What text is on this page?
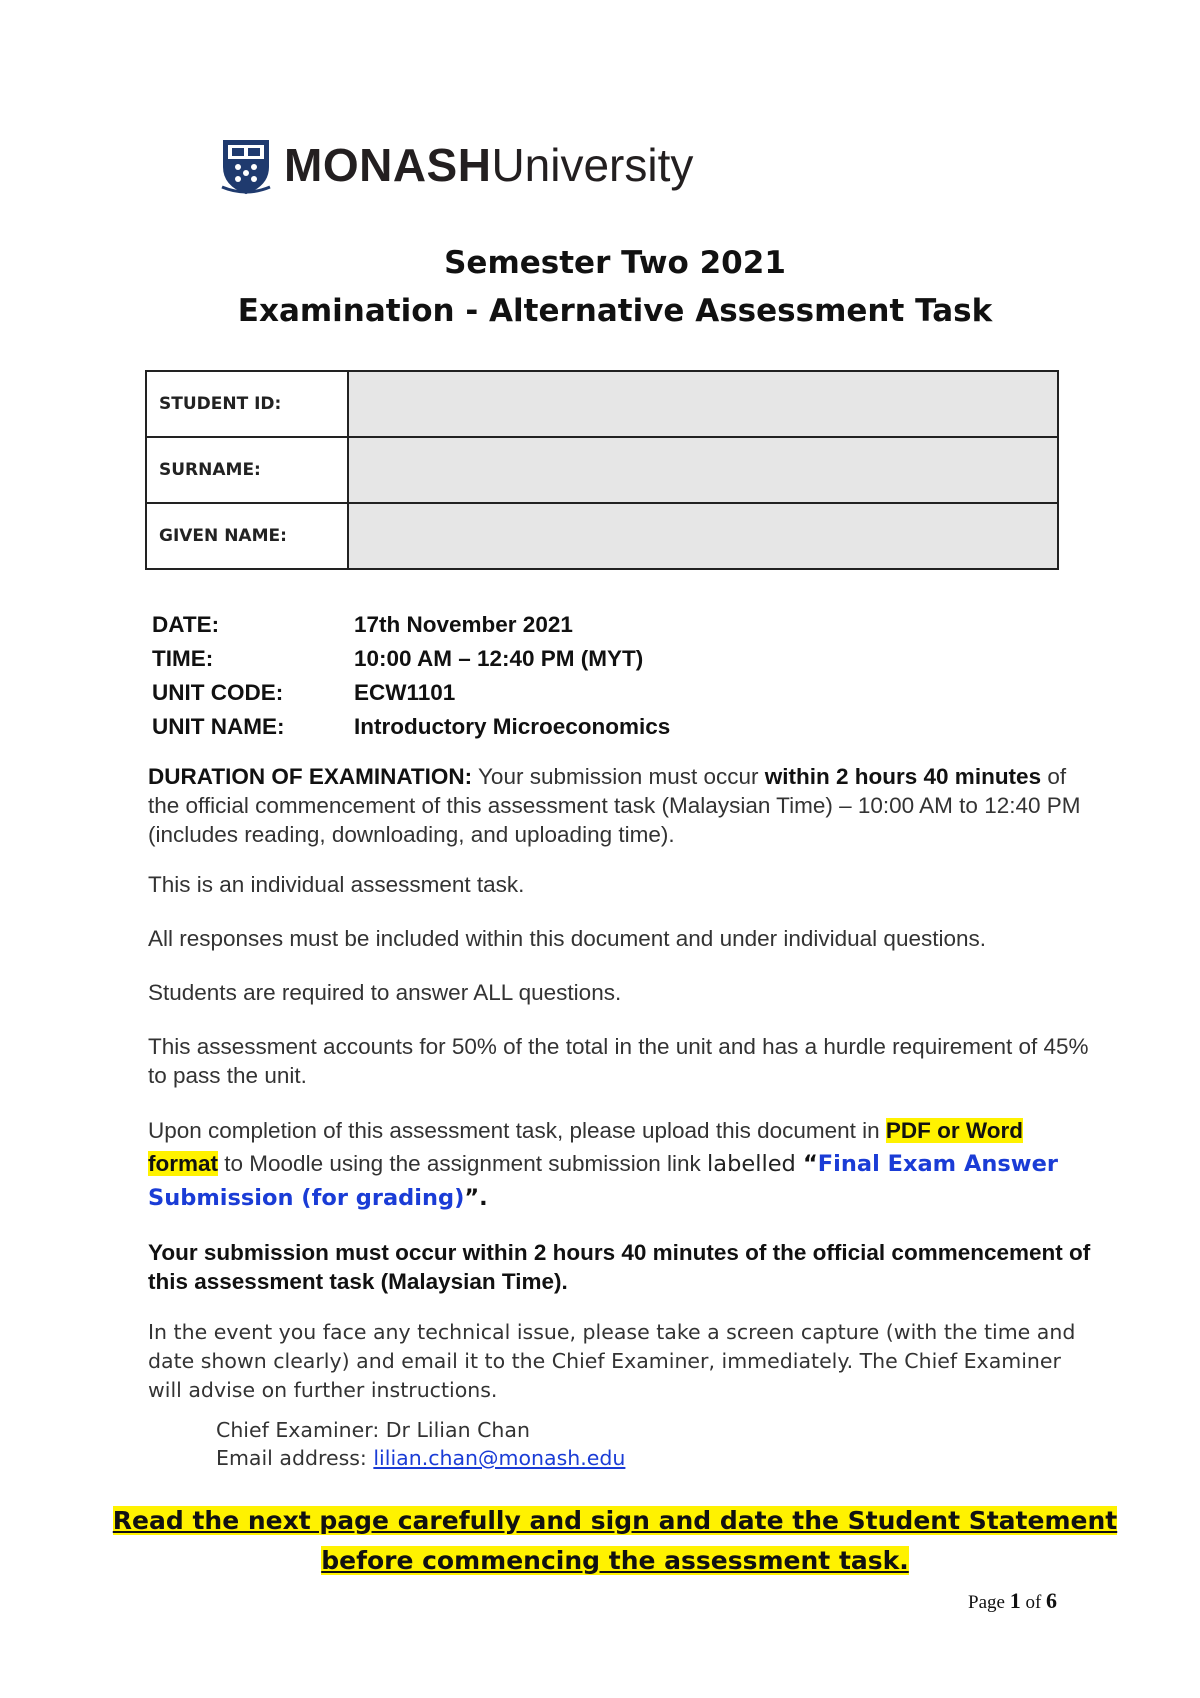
MONASHUniversity
Semester Two 2021
Examination - Alternative Assessment Task
STUDENT ID:	
SURNAME:	
GIVEN NAME:	
DATE:	17th November 2021
TIME:	10:00 AM – 12:40 PM (MYT)
UNIT CODE:	ECW1101
UNIT NAME:	Introductory Microeconomics
DURATION OF EXAMINATION: Your submission must occur within 2 hours 40 minutes of the official commencement of this assessment task (Malaysian Time) – 10:00 AM to 12:40 PM (includes reading, downloading, and uploading time).
This is an individual assessment task.
All responses must be included within this document and under individual questions.
Students are required to answer ALL questions.
This assessment accounts for 50% of the total in the unit and has a hurdle requirement of 45% to pass the unit.
Upon completion of this assessment task, please upload this document in PDF or Word format to Moodle using the assignment submission link labelled “Final Exam Answer Submission (for grading)”.
Your submission must occur within 2 hours 40 minutes of the official commencement of this assessment task (Malaysian Time).
In the event you face any technical issue, please take a screen capture (with the time and date shown clearly) and email it to the Chief Examiner, immediately. The Chief Examiner will advise on further instructions.
Chief Examiner: Dr Lilian Chan
Email address: lilian.chan@monash.edu
Read the next page carefully and sign and date the Student Statement
before commencing the assessment task.
Page 1 of 6
